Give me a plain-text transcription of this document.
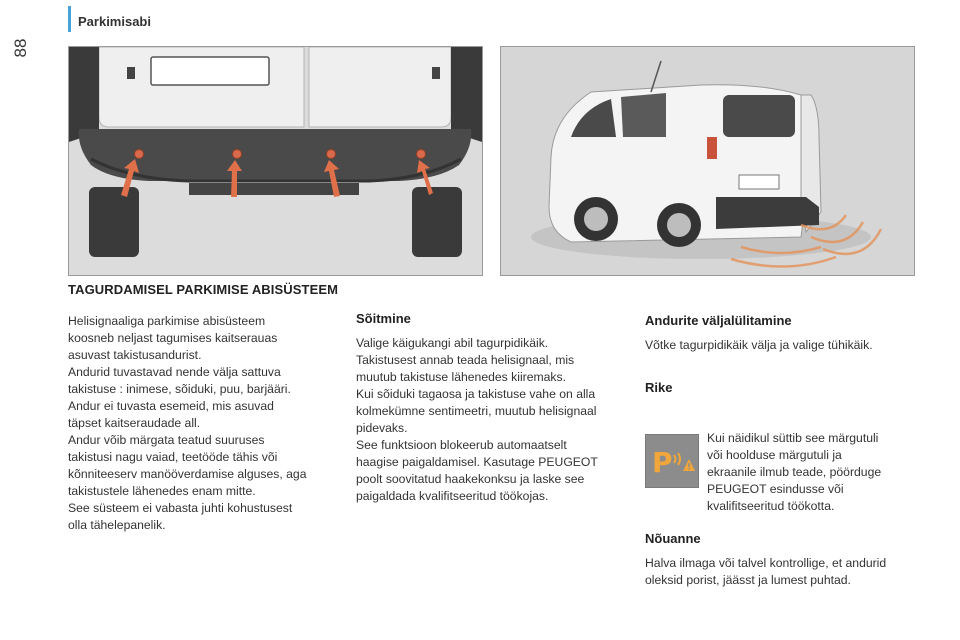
88
Parkimisabi
TAGURDAMISEL PARKIMISE ABISÜSTEEM

Helisignaaliga parkimise abisüsteem

koosneb neljast tagumises kaitserauas

asuvast takistusandurist.

Andurid tuvastavad nende välja sattuva

takistuse : inimese, sõiduki, puu, barjääri.

Andur ei tuvasta esemeid, mis asuvad

täpset kaitseraudade all.

Andur võib märgata teatud suuruses

takistusi nagu vaiad, teetööde tähis või

kõnniteeserv manööverdamise alguses, aga

takistustele lähenedes enam mitte.

See süsteem ei vabasta juhti kohustusest

olla tähelepanelik.

Sõitmine

Valige käigukangi abil tagurpidikäik.

Takistusest annab teada helisignaal, mis

muutub takistuse lähenedes kiiremaks.

Kui sõiduki tagaosa ja takistuse vahe on alla

kolmekümne sentimeetri, muutub helisignaal

pidevaks.

See funktsioon blokeerub automaatselt

haagise paigaldamisel. Kasutage PEUGEOT

poolt soovitatud haakekonksu ja laske see

paigaldada kvalifitseeritud töökojas.

Andurite väljalülitamine

Võtke tagurpidikäik välja ja valige tühikäik.

Rike
P

Kui näidikul süttib see märgutuli

või hoolduse märgutuli ja

ekraanile ilmub teade, pöörduge

PEUGEOT esindusse või

kvalifitseeritud töökotta.

Nõuanne

Halva ilmaga või talvel kontrollige, et andurid

oleksid porist, jäässt ja lumest puhtad.
